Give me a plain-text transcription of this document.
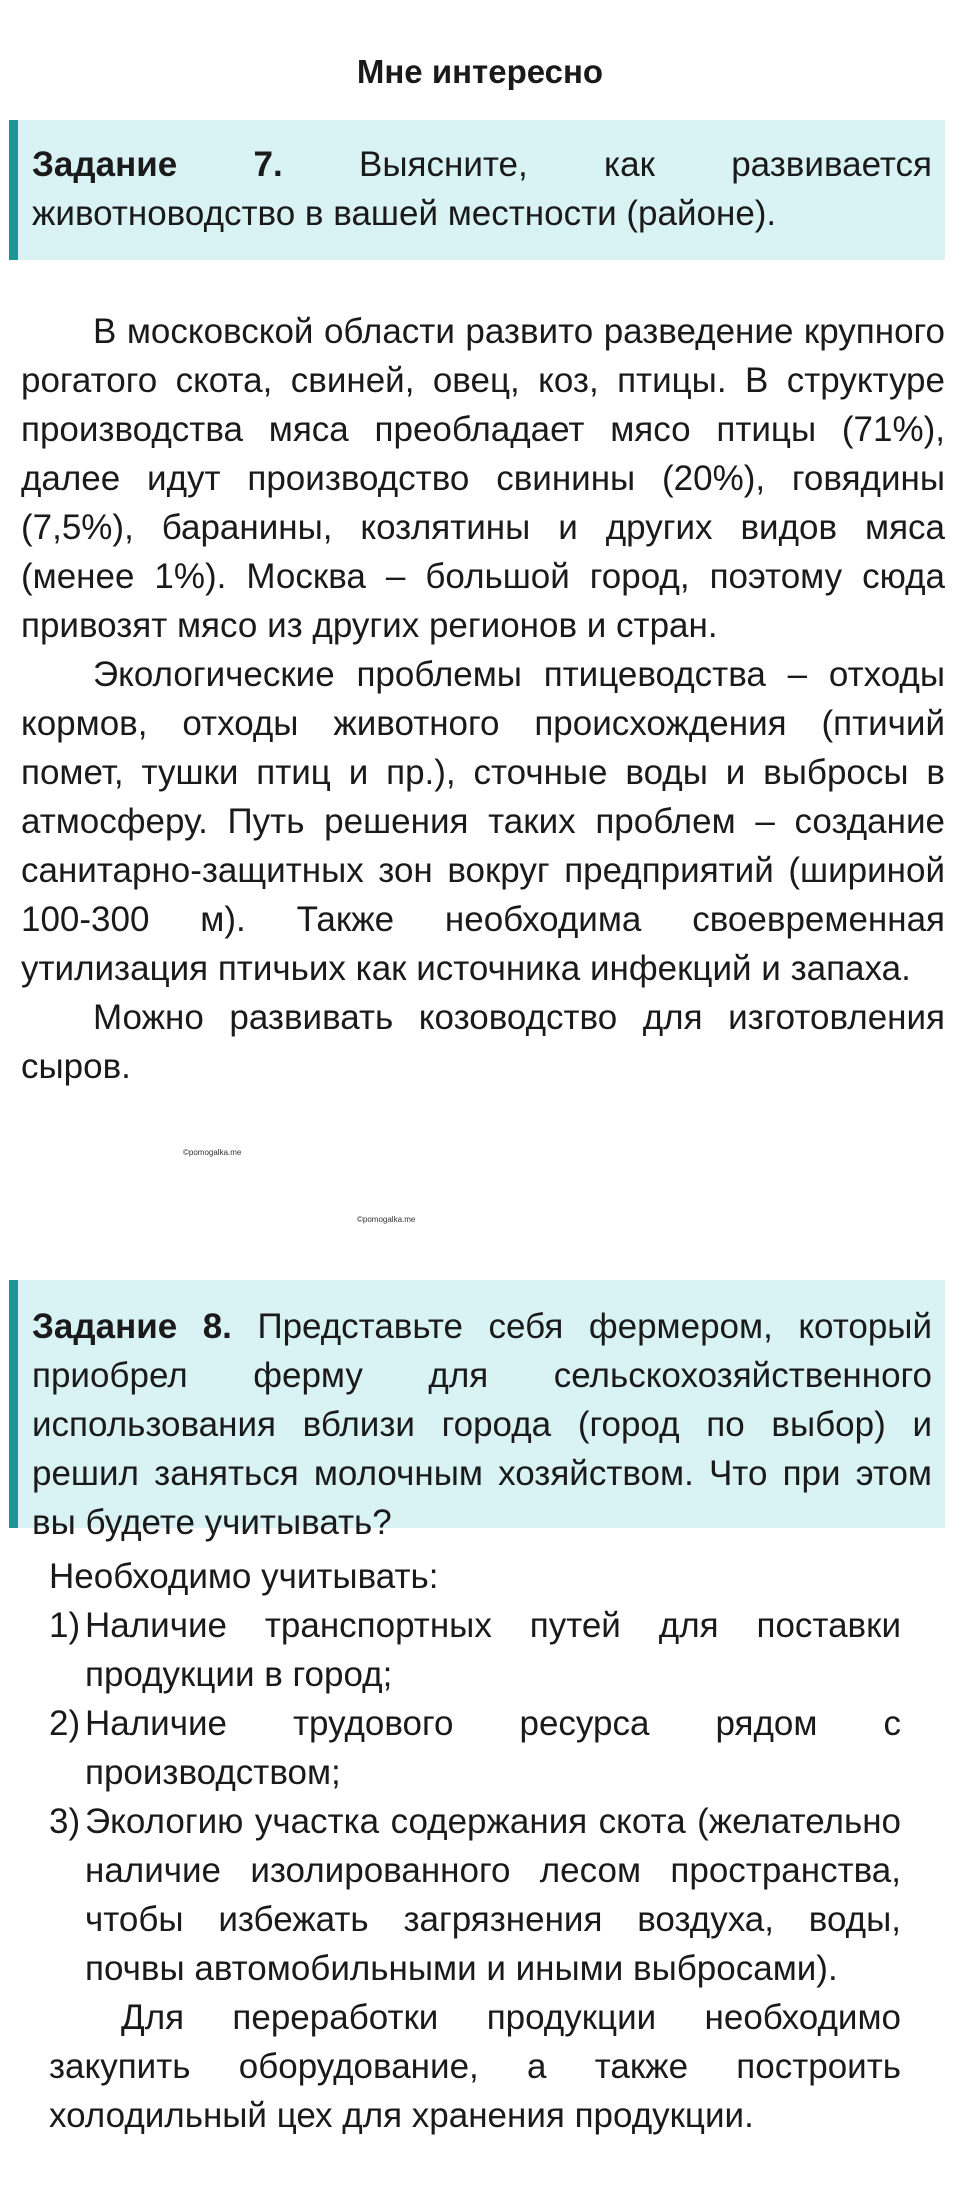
Мне интересно
Задание 7. Выясните, как развивается животноводство в вашей местности (районе).

В московской области развито разведение крупного рогатого скота, свиней, овец, коз, птицы. В структуре производства мяса преобладает мясо птицы (71%), далее идут производство свинины (20%), говядины (7,5%), баранины, козлятины и других видов мяса (менее 1%). Москва – большой город, поэтому сюда привозят мясо из других регионов и стран.

Экологические проблемы птицеводства – отходы кормов, отходы животного происхождения (птичий помет, тушки птиц и пр.), сточные воды и выбросы в атмосферу. Путь решения таких проблем – создание санитарно-защитных зон вокруг предприятий (шириной 100-300 м). Также необходима своевременная утилизация птичьих как источника инфекций и запаха.

Можно развивать козоводство для изготовления сыров.

©pomogalka.me
©pomogalka.me
Задание 8. Представьте себя фермером, который приобрел ферму для сельскохозяйственного использования вблизи города (город по выбор) и решил заняться молочным хозяйством. Что при этом вы будете учитывать?

Необходимо учитывать:

1) Наличие транспортных путей для поставки продукции в город;
2) Наличие трудового ресурса рядом с производством;
3) Экологию участка содержания скота (желательно наличие изолированного лесом пространства, чтобы избежать загрязнения воздуха, воды, почвы автомобильными и иными выбросами).

Для переработки продукции необходимо закупить оборудование, а также построить холодильный цех для хранения продукции.
